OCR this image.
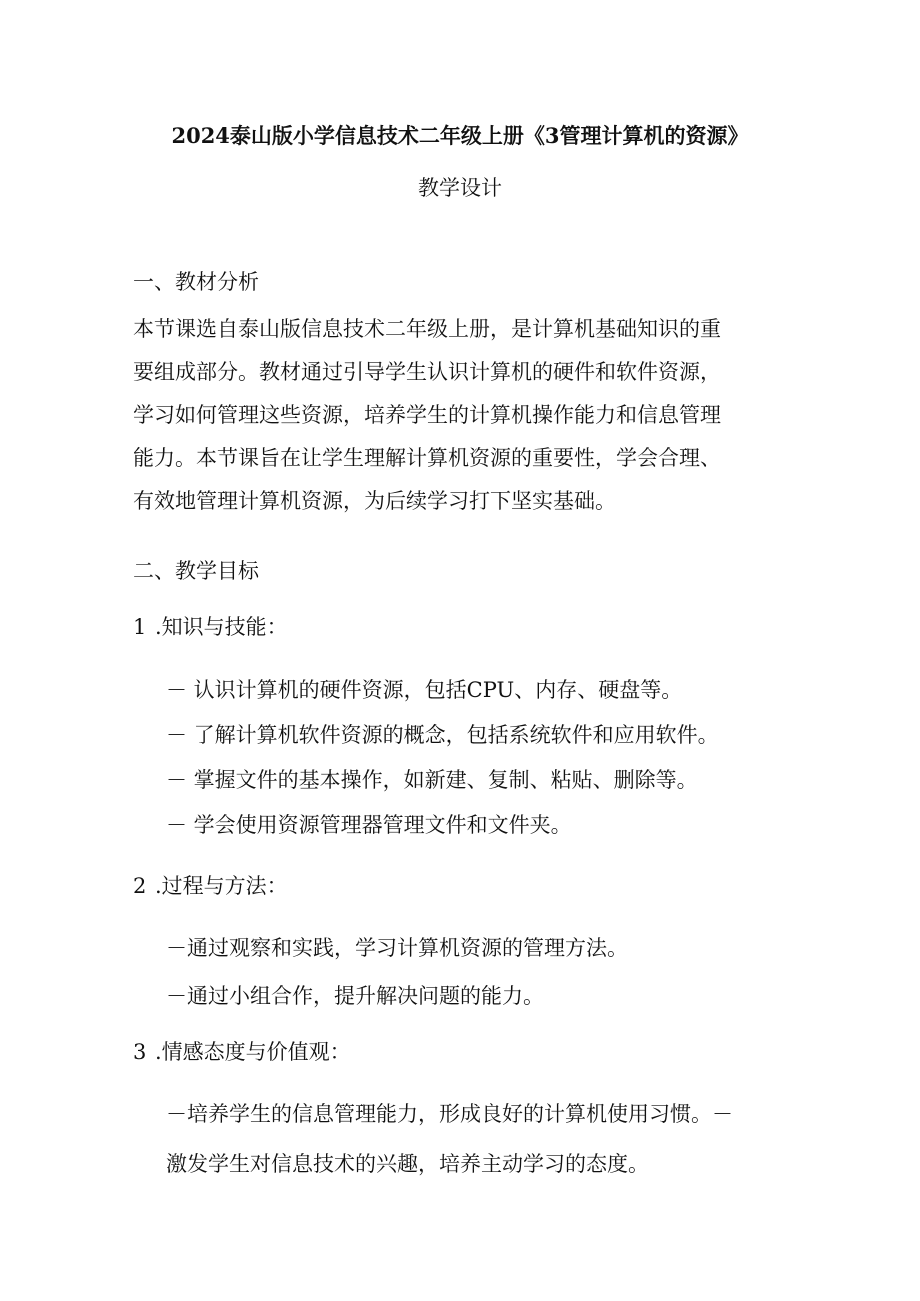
2024泰山版小学信息技术二年级上册《3管理计算机的资源》
教学设计
一、教材分析
本节课选自泰山版信息技术二年级上册，是计算机基础知识的重
要组成部分。教材通过引导学生认识计算机的硬件和软件资源，
学习如何管理这些资源，培养学生的计算机操作能力和信息管理
能力。本节课旨在让学生理解计算机资源的重要性，学会合理、
有效地管理计算机资源，为后续学习打下坚实基础。
二、教学目标
1 .知识与技能：
－ 认识计算机的硬件资源，包括CPU、内存、硬盘等。
－ 了解计算机软件资源的概念，包括系统软件和应用软件。
－ 掌握文件的基本操作，如新建、复制、粘贴、删除等。
－ 学会使用资源管理器管理文件和文件夹。
2 .过程与方法：
－通过观察和实践，学习计算机资源的管理方法。
－通过小组合作，提升解决问题的能力。
3 .情感态度与价值观：
－培养学生的信息管理能力，形成良好的计算机使用习惯。－
激发学生对信息技术的兴趣，培养主动学习的态度。
